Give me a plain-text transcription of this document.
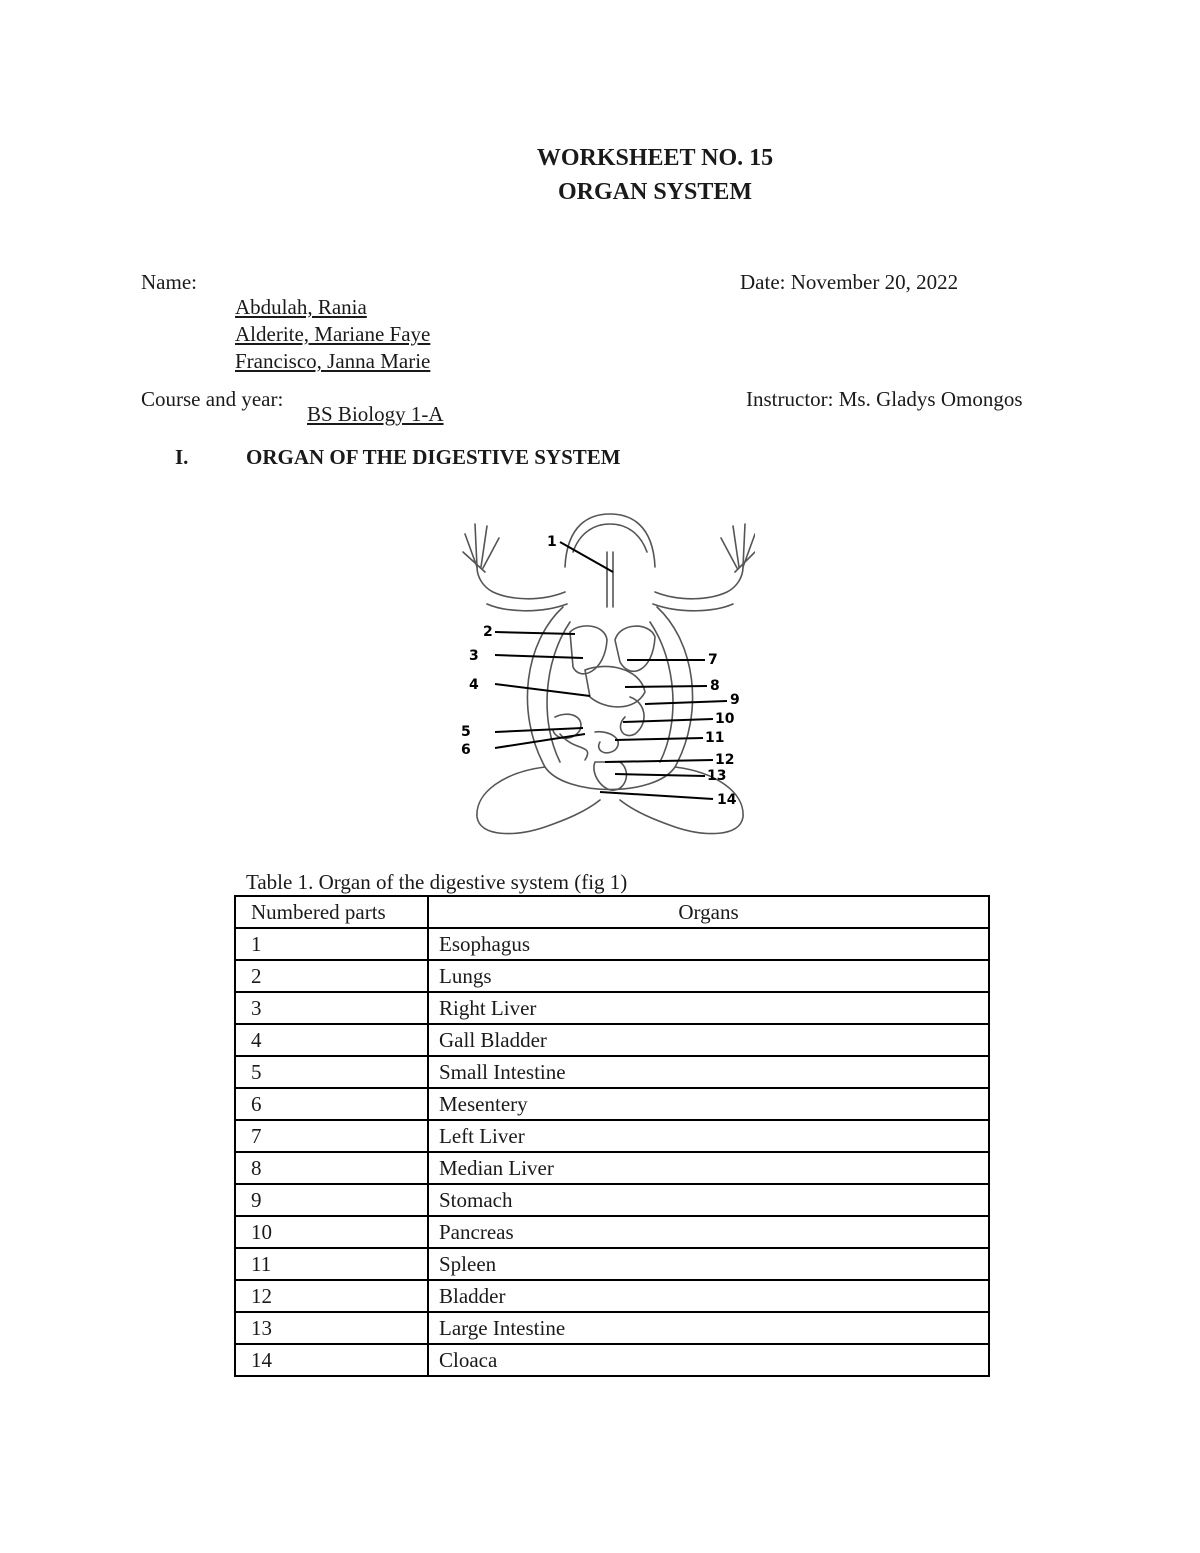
WORKSHEET NO. 15
ORGAN SYSTEM
Name:
Abdulah, Rania
Alderite, Mariane Faye
Francisco, Janna Marie
Date: November 20, 2022
Course and year:
BS Biology 1-A
Instructor: Ms. Gladys Omongos
I.	ORGAN OF THE DIGESTIVE SYSTEM
1
2
3
4
5
6
7
8
9
10
11
12
13
14
Table 1. Organ of the digestive system (fig 1)
Numbered parts	Organs
1	Esophagus
2	Lungs
3	Right Liver
4	Gall Bladder
5	Small Intestine
6	Mesentery
7	Left Liver
8	Median Liver
9	Stomach
10	Pancreas
11	Spleen
12	Bladder
13	Large Intestine
14	Cloaca
